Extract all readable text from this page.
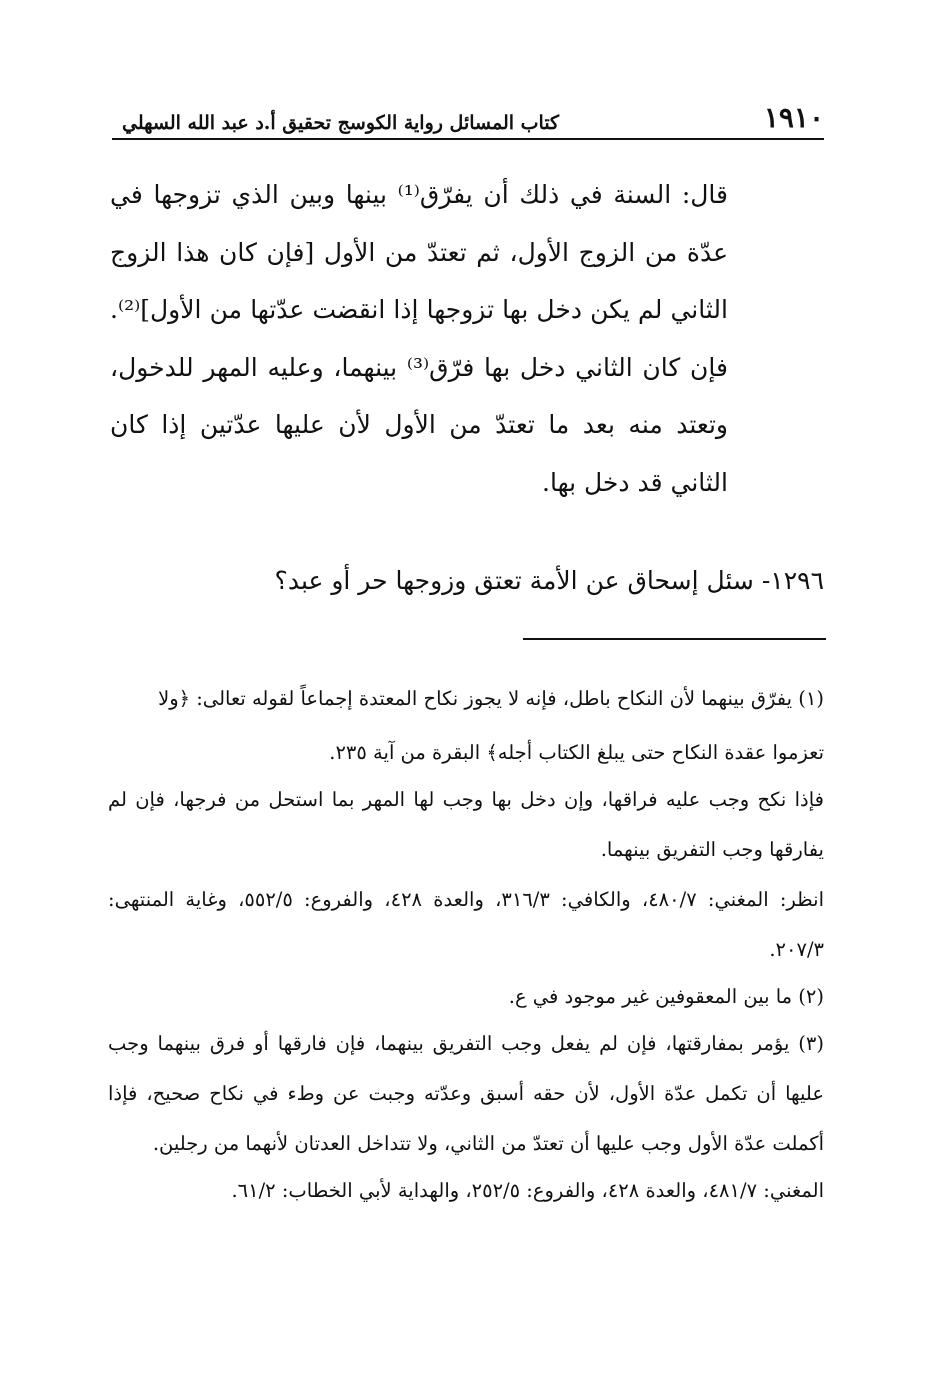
١٩١٠
كتاب المسائل رواية الكوسج تحقيق أ.د عبد الله السهلي

قال: السنة في ذلك أن يفرّق⁽¹⁾ بينها وبين الذي تزوجها في عدّة من الزوج الأول، ثم تعتدّ من الأول [فإن كان هذا الزوج الثاني لم يكن دخل بها تزوجها إذا انقضت عدّتها من الأول]⁽²⁾. فإن كان الثاني دخل بها فرّق⁽³⁾ بينهما، وعليه المهر للدخول، وتعتد منه بعد ما تعتدّ من الأول لأن عليها عدّتين إذا كان الثاني قد دخل بها.

١٢٩٦- سئل إسحاق عن الأمة تعتق وزوجها حر أو عبد؟

(١) يفرّق بينهما لأن النكاح باطل، فإنه لا يجوز نكاح المعتدة إجماعاً لقوله تعالى: ﴿ولا

تعزموا عقدة النكاح حتى يبلغ الكتاب أجله﴾ البقرة من آية ٢٣٥.

فإذا نكح وجب عليه فراقها، وإن دخل بها وجب لها المهر بما استحل من فرجها، فإن لم يفارقها وجب التفريق بينهما.

انظر: المغني: ٤٨٠/٧، والكافي: ٣١٦/٣، والعدة ٤٢٨، والفروع: ٥٥٢/٥، وغاية المنتهى: ٢٠٧/٣.

(٢) ما بين المعقوفين غير موجود في ع.

(٣) يؤمر بمفارقتها، فإن لم يفعل وجب التفريق بينهما، فإن فارقها أو فرق بينهما وجب عليها أن تكمل عدّة الأول، لأن حقه أسبق وعدّته وجبت عن وطء في نكاح صحيح، فإذا أكملت عدّة الأول وجب عليها أن تعتدّ من الثاني، ولا تتداخل العدتان لأنهما من رجلين.

المغني: ٤٨١/٧، والعدة ٤٢٨، والفروع: ٢٥٢/٥، والهداية لأبي الخطاب: ٦١/٢.
